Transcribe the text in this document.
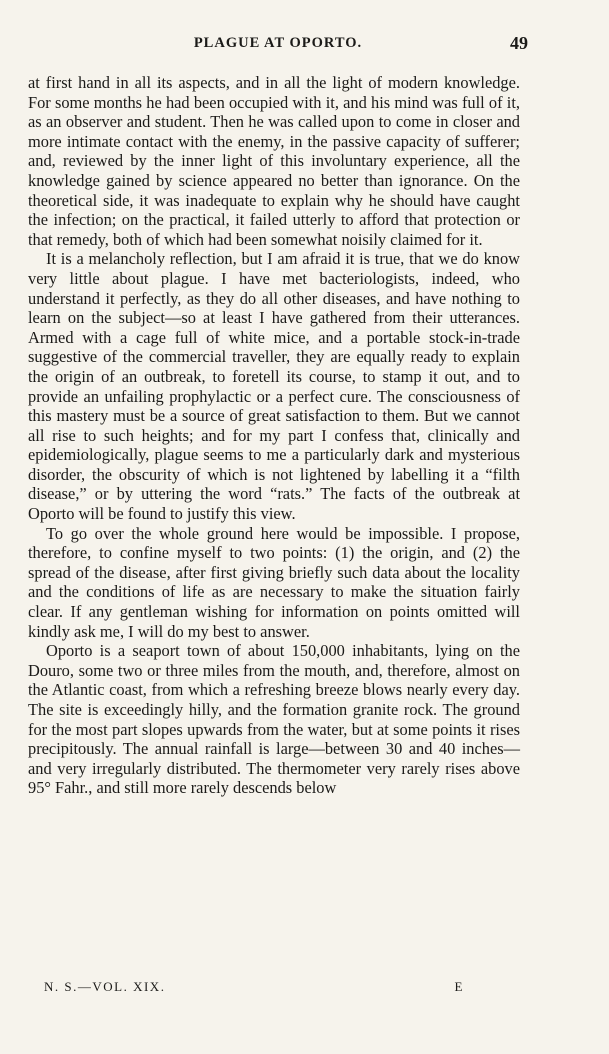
PLAGUE AT OPORTO.	49

at first hand in all its aspects, and in all the light of modern knowledge. For some months he had been occupied with it, and his mind was full of it, as an observer and student. Then he was called upon to come in closer and more intimate contact with the enemy, in the passive capacity of sufferer; and, reviewed by the inner light of this involuntary experience, all the knowledge gained by science appeared no better than ignorance. On the theoretical side, it was inadequate to explain why he should have caught the infection; on the practical, it failed utterly to afford that protection or that remedy, both of which had been somewhat noisily claimed for it.

It is a melancholy reflection, but I am afraid it is true, that we do know very little about plague. I have met bacteriologists, indeed, who understand it perfectly, as they do all other diseases, and have nothing to learn on the subject—so at least I have gathered from their utterances. Armed with a cage full of white mice, and a portable stock-in-trade suggestive of the commercial traveller, they are equally ready to explain the origin of an outbreak, to foretell its course, to stamp it out, and to provide an unfailing prophylactic or a perfect cure. The consciousness of this mastery must be a source of great satisfaction to them. But we cannot all rise to such heights; and for my part I confess that, clinically and epidemiologically, plague seems to me a particularly dark and mysterious disorder, the obscurity of which is not lightened by labelling it a “filth disease,” or by uttering the word “rats.” The facts of the outbreak at Oporto will be found to justify this view.

To go over the whole ground here would be impossible. I propose, therefore, to confine myself to two points: (1) the origin, and (2) the spread of the disease, after first giving briefly such data about the locality and the conditions of life as are necessary to make the situation fairly clear. If any gentleman wishing for information on points omitted will kindly ask me, I will do my best to answer.

Oporto is a seaport town of about 150,000 inhabitants, lying on the Douro, some two or three miles from the mouth, and, therefore, almost on the Atlantic coast, from which a refreshing breeze blows nearly every day. The site is exceedingly hilly, and the formation granite rock. The ground for the most part slopes upwards from the water, but at some points it rises precipitously. The annual rainfall is large—between 30 and 40 inches—and very irregularly distributed. The thermometer very rarely rises above 95° Fahr., and still more rarely descends below

N. S.—VOL. XIX.	E
